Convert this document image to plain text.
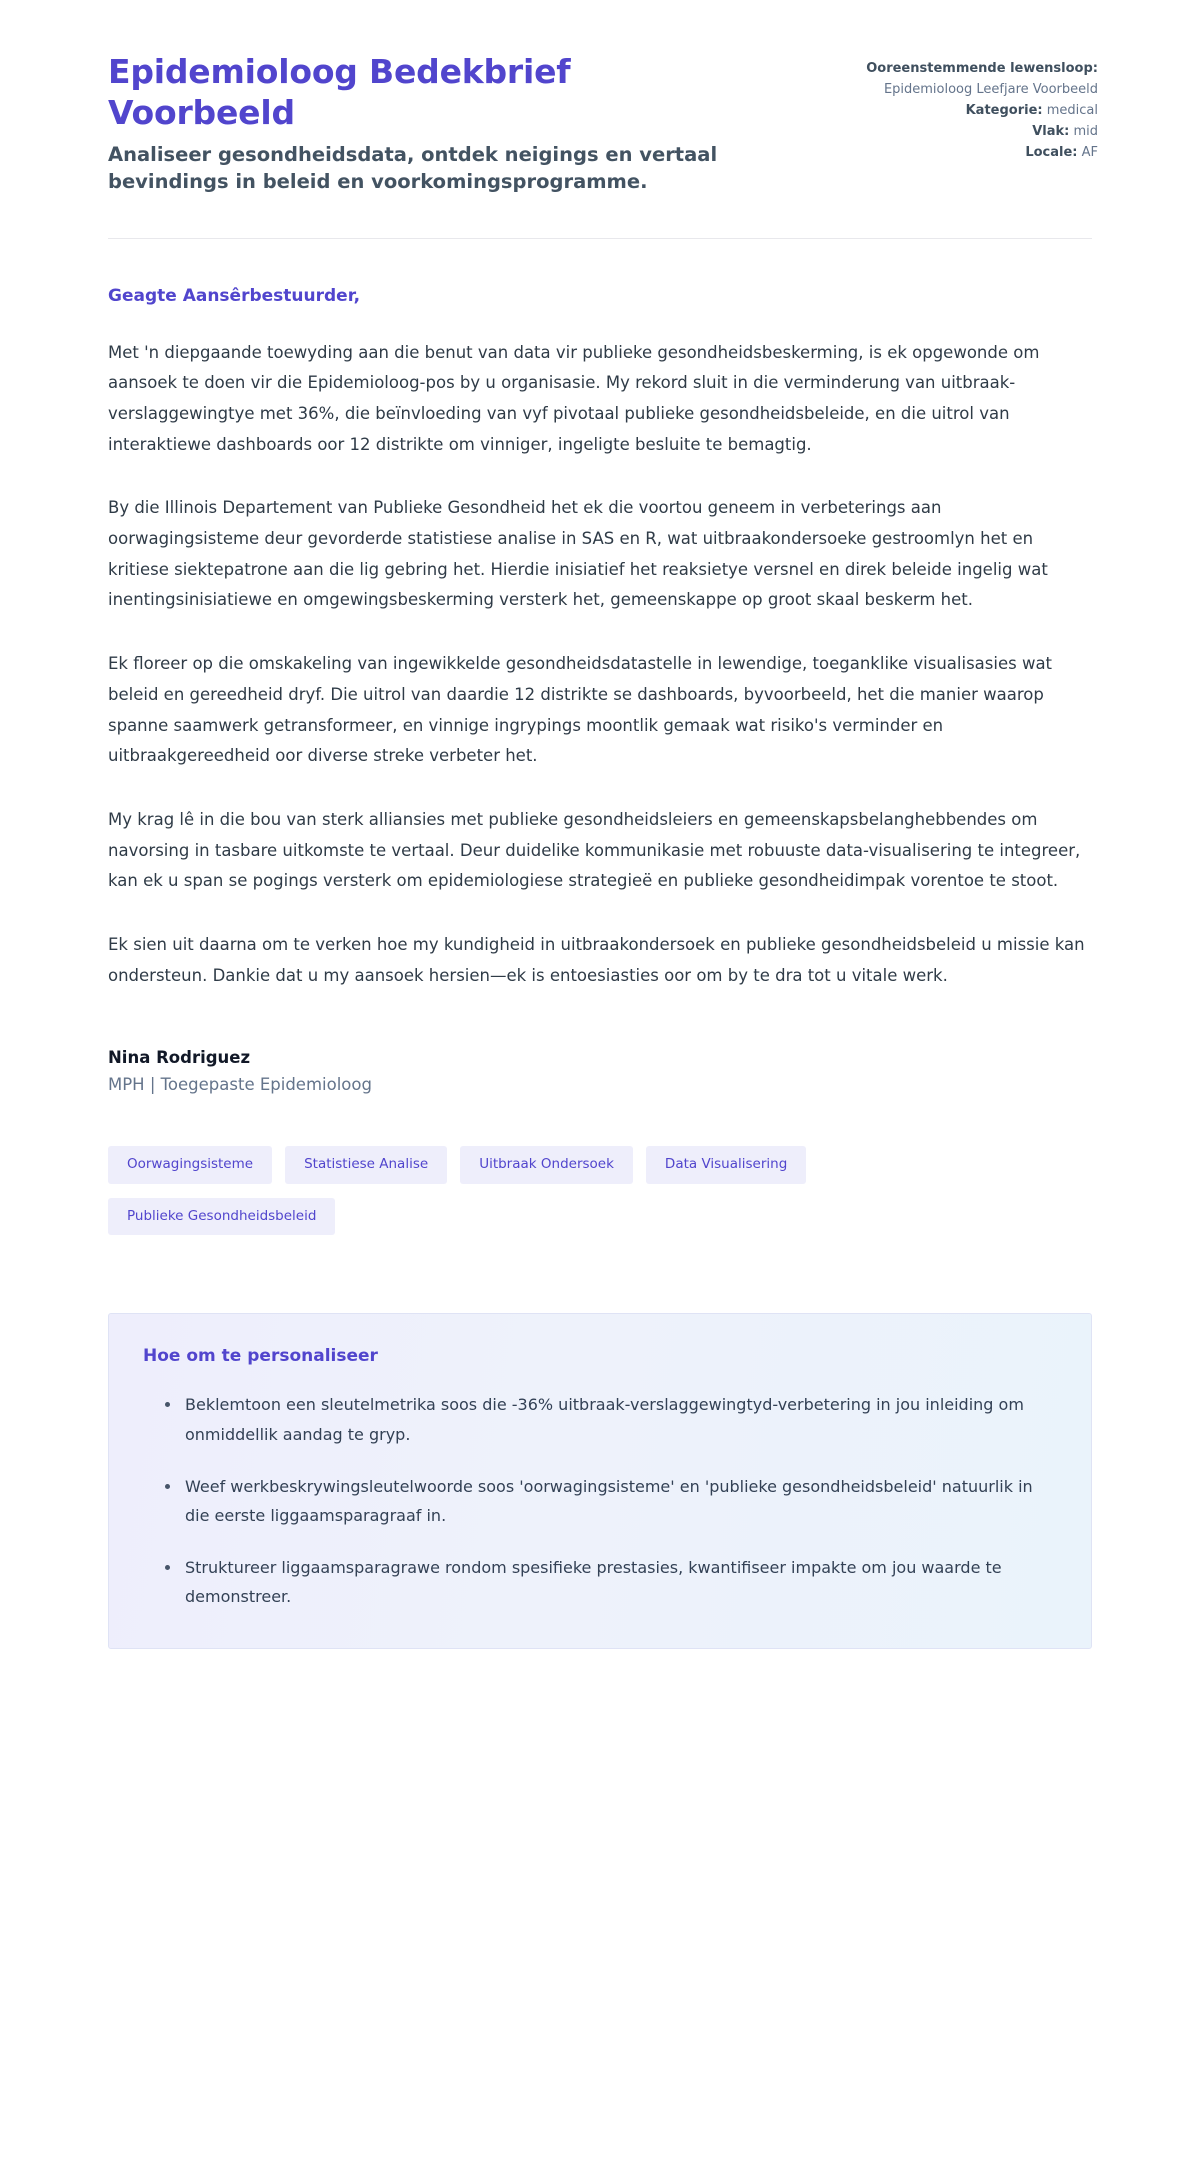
Epidemioloog Bedekbrief Voorbeeld

Analiseer gesondheidsdata, ontdek neigings en vertaal bevindings in beleid en voorkomingsprogramme.

Ooreenstemmende lewensloop: Epidemioloog Leefjare Voorbeeld
Kategorie: medical
Vlak: mid
Locale: AF

Geagte Aansêrbestuurder,

Met 'n diepgaande toewyding aan die benut van data vir publieke gesondheidsbeskerming, is ek opgewonde om aansoek te doen vir die Epidemioloog-pos by u organisasie. My rekord sluit in die verminderung van uitbraak-verslaggewingtye met 36%, die beïnvloeding van vyf pivotaal publieke gesondheidsbeleide, en die uitrol van interaktiewe dashboards oor 12 distrikte om vinniger, ingeligte besluite te bemagtig.

By die Illinois Departement van Publieke Gesondheid het ek die voortou geneem in verbeterings aan oorwagingsisteme deur gevorderde statistiese analise in SAS en R, wat uitbraakondersoeke gestroomlyn het en kritiese siektepatrone aan die lig gebring het. Hierdie inisiatief het reaksietye versnel en direk beleide ingelig wat inentingsinisiatiewe en omgewingsbeskerming versterk het, gemeenskappe op groot skaal beskerm het.

Ek floreer op die omskakeling van ingewikkelde gesondheidsdatastelle in lewendige, toeganklike visualisasies wat beleid en gereedheid dryf. Die uitrol van daardie 12 distrikte se dashboards, byvoorbeeld, het die manier waarop spanne saamwerk getransformeer, en vinnige ingrypings moontlik gemaak wat risiko's verminder en uitbraakgereedheid oor diverse streke verbeter het.

My krag lê in die bou van sterk alliansies met publieke gesondheidsleiers en gemeenskapsbelanghebbendes om navorsing in tasbare uitkomste te vertaal. Deur duidelike kommunikasie met robuuste data-visualisering te integreer, kan ek u span se pogings versterk om epidemiologiese strategieë en publieke gesondheidimpak vorentoe te stoot.

Ek sien uit daarna om te verken hoe my kundigheid in uitbraakondersoek en publieke gesondheidsbeleid u missie kan ondersteun. Dankie dat u my aansoek hersien—ek is entoesiasties oor om by te dra tot u vitale werk.

Nina Rodriguez

MPH | Toegepaste Epidemioloog

Oorwagingsisteme	Statistiese Analise	Uitbraak Ondersoek	Data Visualisering
Publieke Gesondheidsbeleid
Hoe om te personaliseer
Beklemtoon een sleutelmetrika soos die -36% uitbraak-verslaggewingtyd-verbetering in jou inleiding om onmiddellik aandag te gryp.
Weef werkbeskrywingsleutelwoorde soos 'oorwagingsisteme' en 'publieke gesondheidsbeleid' natuurlik in die eerste liggaamsparagraaf in.
Struktureer liggaamsparagrawe rondom spesifieke prestasies, kwantifiseer impakte om jou waarde te demonstreer.
